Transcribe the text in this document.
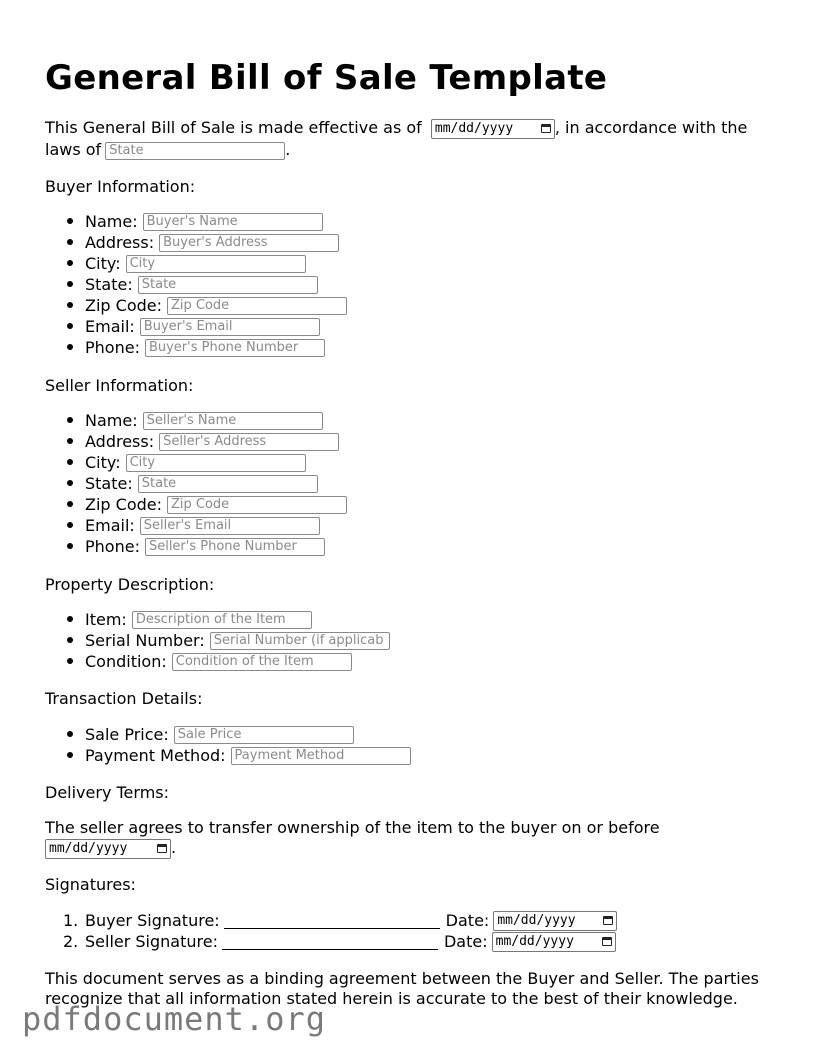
General Bill of Sale Template
This General Bill of Sale is made effective as of mm/dd/yyyy	, in accordance with the
laws ofState	.
Buyer Information:
Name:
Buyer's Name
Address:
Buyer's Address
City:
City
State:
State
Zip Code:
Zip Code
Email:
Buyer's Email
Phone:
Buyer's Phone Number
Seller Information:
Name:
Seller's Name
Address:
Seller's Address
City:
City
State:
State
Zip Code:
Zip Code
Email:
Seller's Email
Phone:
Seller's Phone Number
Property Description:
Item:
Description of the Item
Serial Number:
Serial Number (if applicab
Condition:
Condition of the Item
Transaction Details:
Sale Price:
Sale Price
Payment Method:
Payment Method
Delivery Terms:
The seller agrees to transfer ownership of the item to the buyer on or before
mm/dd/yyyy	.
Signatures:
1. Buyer Signature:	Date: mm/dd/yyyy
2. Seller Signature:	Date: mm/dd/yyyy
This document serves as a binding agreement between the Buyer and Seller. The parties
recognize that all information stated herein is accurate to the best of their knowledge.
pdfdocument.org
